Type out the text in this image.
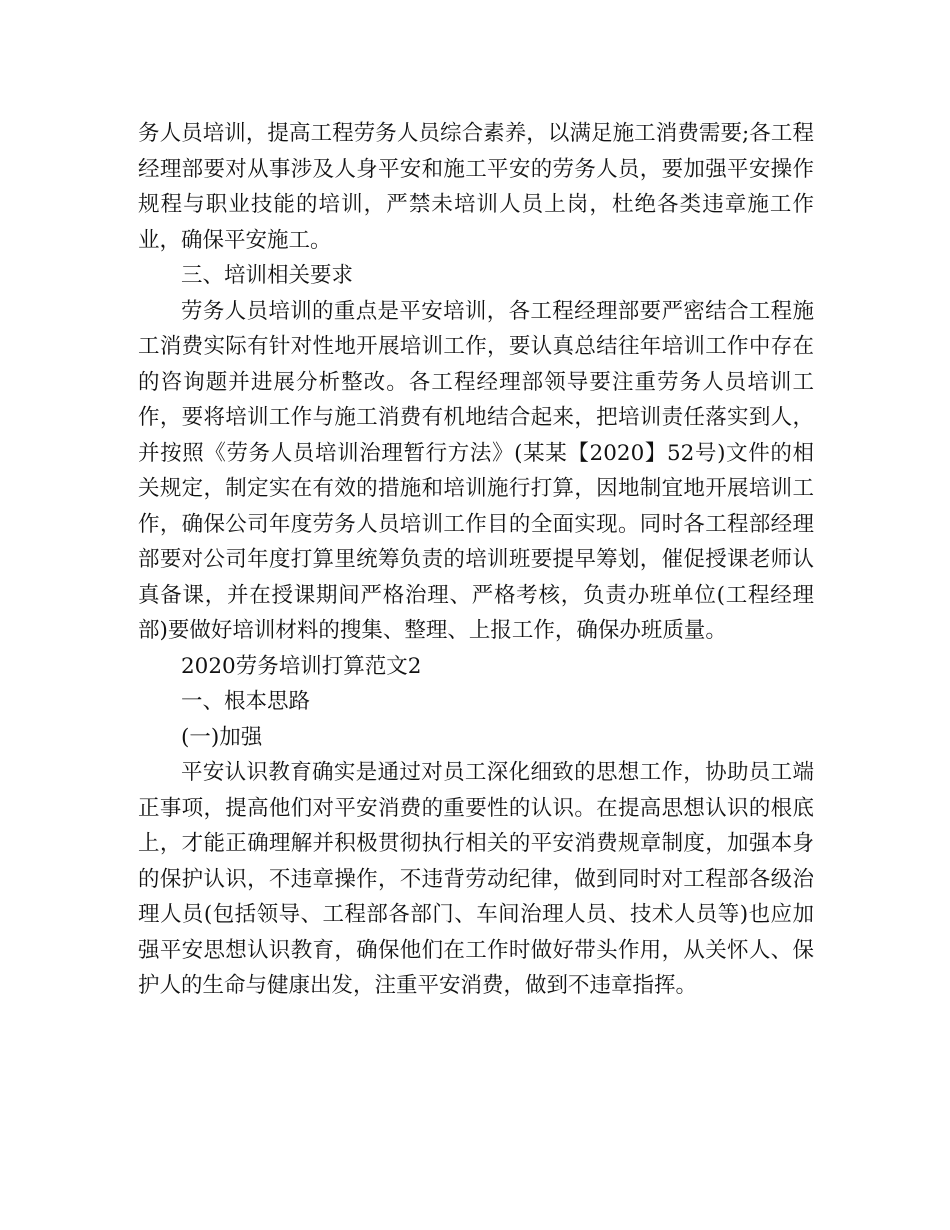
务人员培训，提高工程劳务人员综合素养，以满足施工消费需要;各工程经理部要对从事涉及人身平安和施工平安的劳务人员，要加强平安操作规程与职业技能的培训，严禁未培训人员上岗，杜绝各类违章施工作业，确保平安施工。

三、培训相关要求

劳务人员培训的重点是平安培训，各工程经理部要严密结合工程施工消费实际有针对性地开展培训工作，要认真总结往年培训工作中存在的咨询题并进展分析整改。各工程经理部领导要注重劳务人员培训工作，要将培训工作与施工消费有机地结合起来，把培训责任落实到人，并按照《劳务人员培训治理暂行方法》(某某【2020】52号)文件的相关规定，制定实在有效的措施和培训施行打算，因地制宜地开展培训工作，确保公司年度劳务人员培训工作目的全面实现。同时各工程部经理部要对公司年度打算里统筹负责的培训班要提早筹划，催促授课老师认真备课，并在授课期间严格治理、严格考核，负责办班单位(工程经理部)要做好培训材料的搜集、整理、上报工作，确保办班质量。

2020劳务培训打算范文2

一、根本思路

(一)加强

平安认识教育确实是通过对员工深化细致的思想工作，协助员工端正事项，提高他们对平安消费的重要性的认识。在提高思想认识的根底上，才能正确理解并积极贯彻执行相关的平安消费规章制度，加强本身的保护认识，不违章操作，不违背劳动纪律，做到同时对工程部各级治理人员(包括领导、工程部各部门、车间治理人员、技术人员等)也应加强平安思想认识教育，确保他们在工作时做好带头作用，从关怀人、保护人的生命与健康出发，注重平安消费，做到不违章指挥。
